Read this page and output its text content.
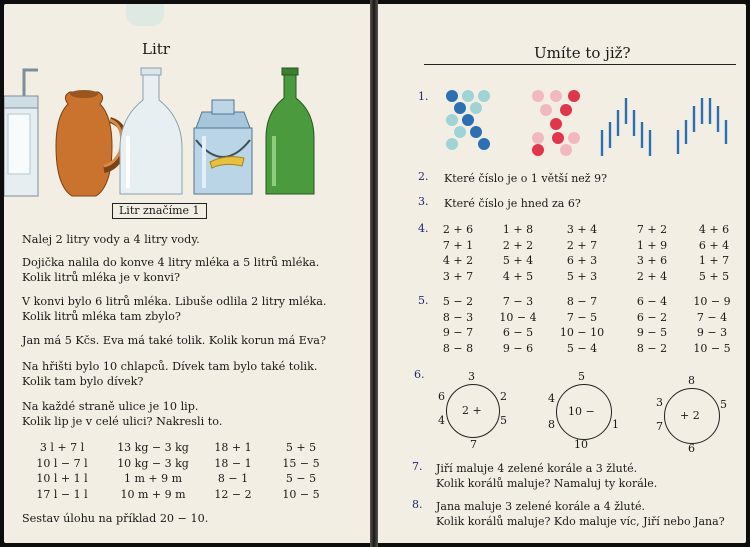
Litr
Litr značíme 1
Nalej 2 litry vody a 4 litry vody.
Dojička nalila do konve 4 litry mléka a 5 litrů mléka.
Kolik litrů mléka je v konvi?
V konvi bylo 6 litrů mléka. Libuše odlila 2 litry mléka.
Kolik litrů mléka tam zbylo?
Jan má 5 Kčs. Eva má také tolik. Kolik korun má Eva?
Na hřišti bylo 10 chlapců. Dívek tam bylo také tolik.
Kolik tam bylo dívek?
Na každé straně ulice je 10 lip.
Kolik lip je v celé ulici? Nakresli to.
3 l + 7 l
10 l − 7 l
10 l + 1 l
17 l − 1 l
13 kg − 3 kg
10 kg − 3 kg
1 m + 9 m
10 m + 9 m
18 + 1
18 − 1
8 − 1
12 − 2
5 + 5
15 − 5
5 − 5
10 − 5
Sestav úlohu na příklad 20 − 10.
Umíte to již?
1.
2. Které číslo je o 1 větší než 9?
3. Které číslo je hned za 6?
4.	2 + 6
7 + 1
4 + 2
3 + 7
1 + 8
2 + 2
5 + 4
4 + 5
3 + 4
2 + 7
6 + 3
5 + 3
7 + 2
1 + 9
3 + 6
2 + 4
4 + 6
6 + 4
1 + 7
5 + 5
5.	5 − 2
8 − 3
9 − 7
8 − 8
7 − 3
10 − 4
6 − 5
9 − 6
8 − 7
7 − 5
10 − 10
5 − 4
6 − 4
6 − 2
9 − 5
8 − 2
10 − 9
7 − 4
9 − 3
10 − 5
6.
2 +
3
2
5
7
4
6
10 −
5
1
10
8
4
+ 2
8
5
6
7
3
7. Jiří maluje 4 zelené korále a 3 žluté.
Kolik korálů maluje? Namaluj ty korále.
8. Jana maluje 3 zelené korále a 4 žluté.
Kolik korálů maluje? Kdo maluje víc, Jiří nebo Jana?
